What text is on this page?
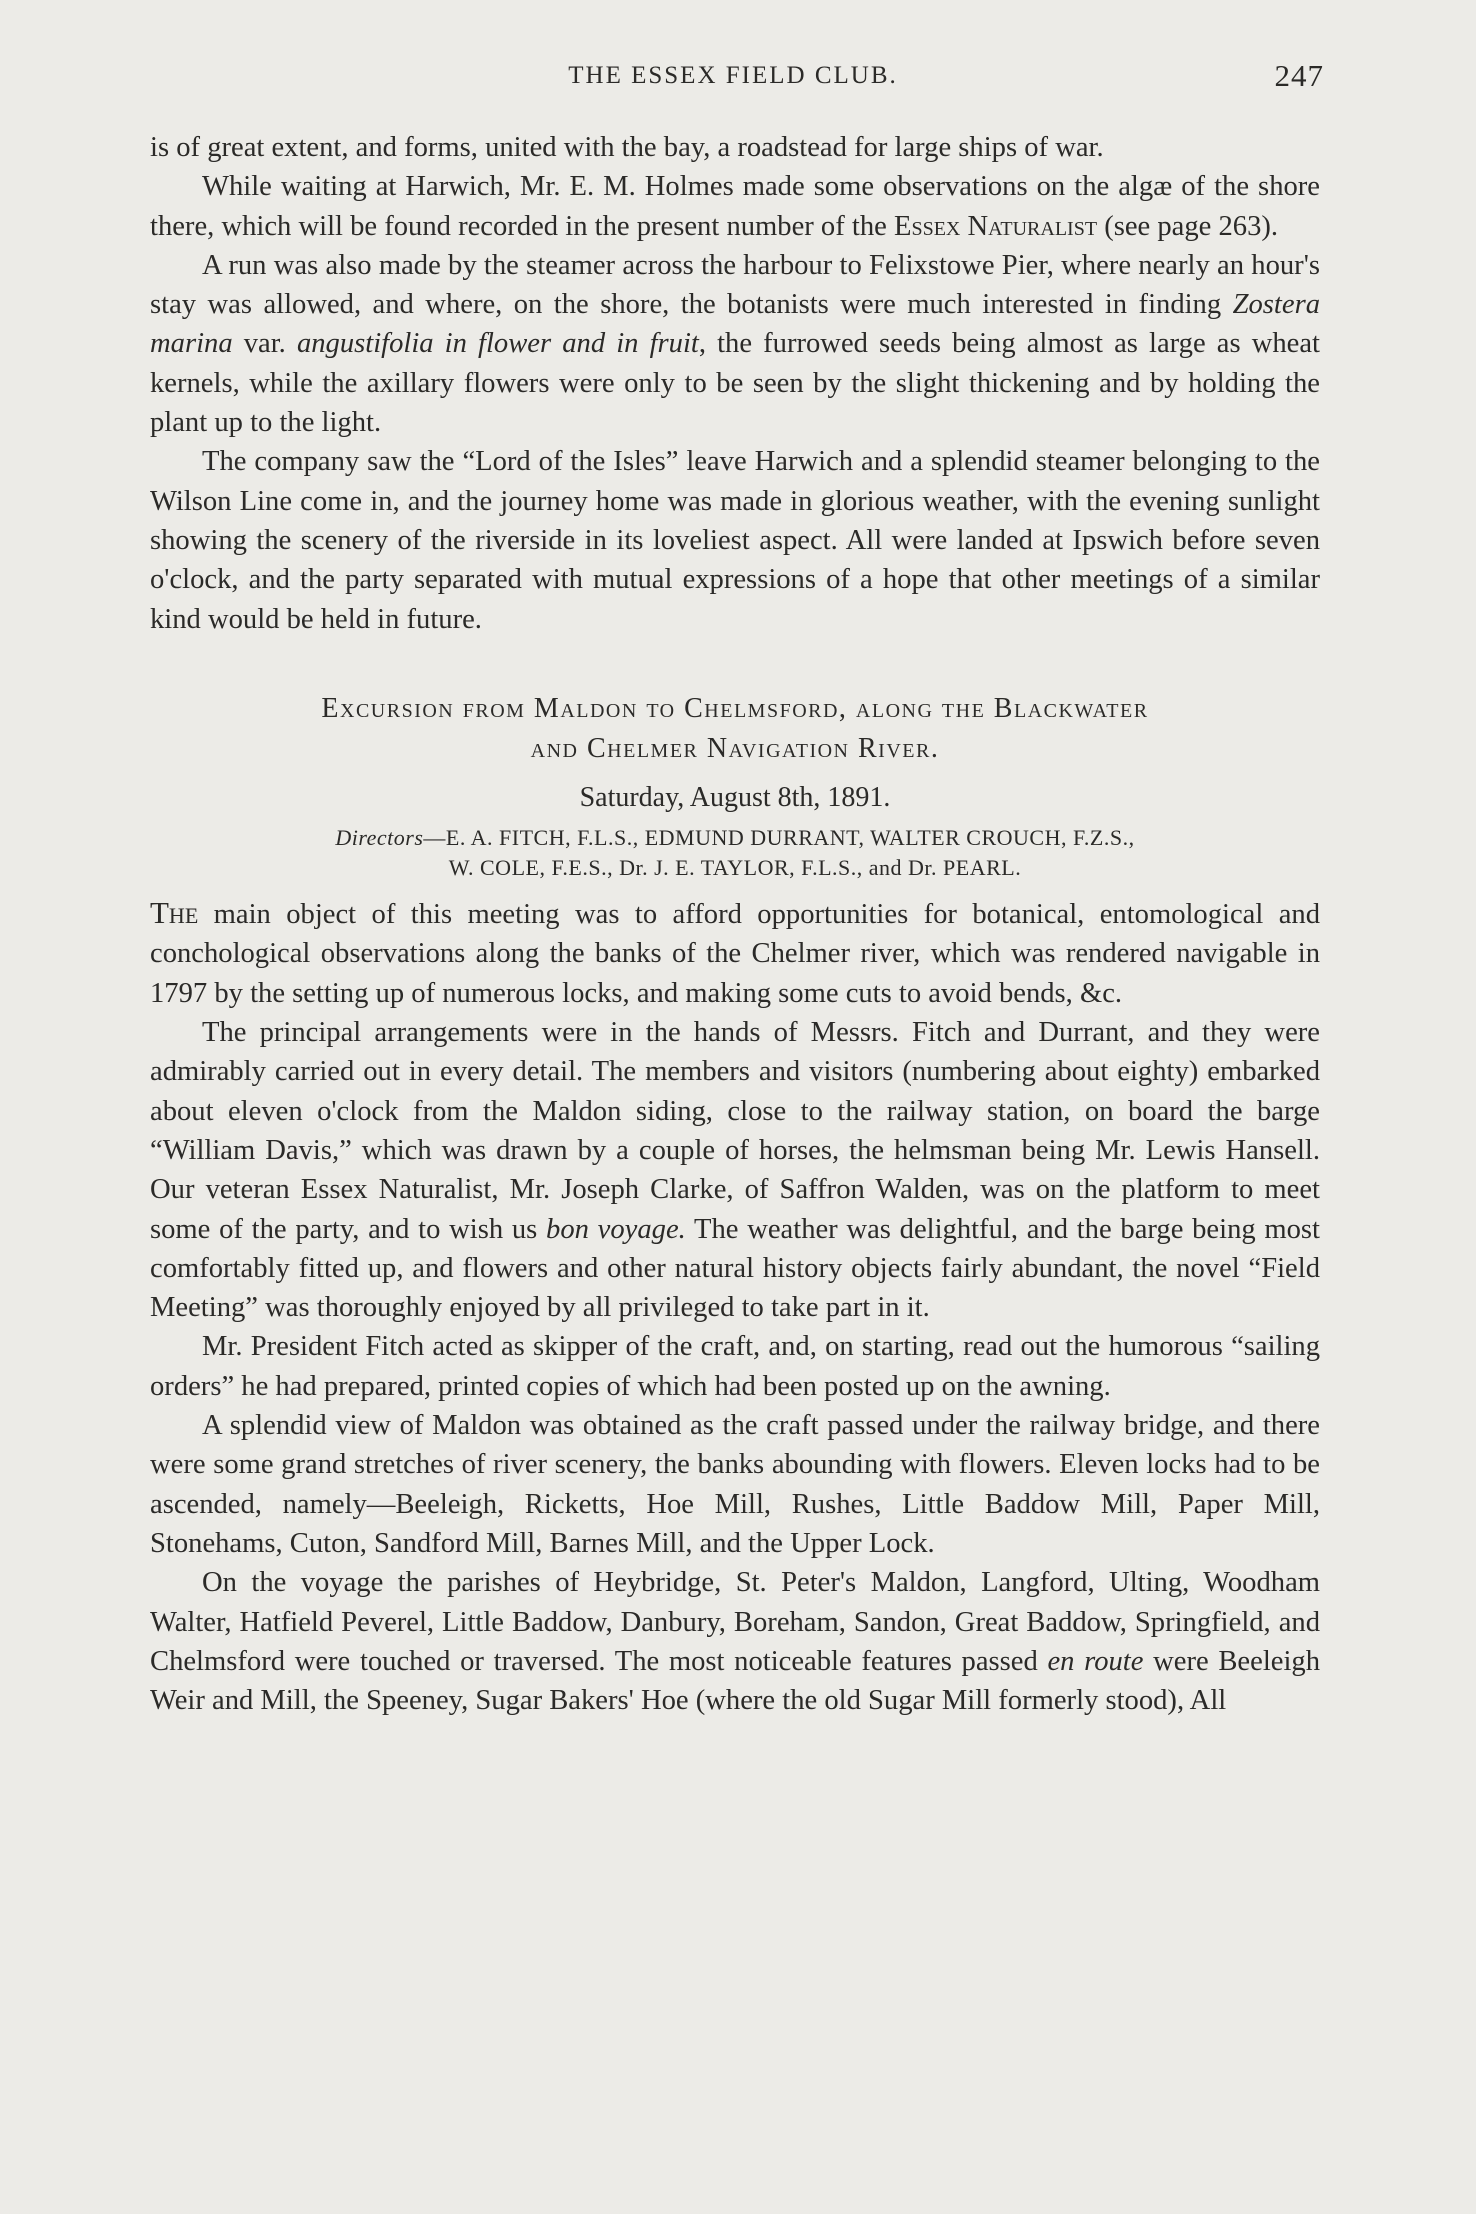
THE ESSEX FIELD CLUB.	247

is of great extent, and forms, united with the bay, a roadstead for large ships of war.

While waiting at Harwich, Mr. E. M. Holmes made some observations on the algæ of the shore there, which will be found recorded in the present number of the Essex Naturalist (see page 263).

A run was also made by the steamer across the harbour to Felixstowe Pier, where nearly an hour's stay was allowed, and where, on the shore, the botanists were much interested in finding Zostera marina var. angustifolia in flower and in fruit, the furrowed seeds being almost as large as wheat kernels, while the axillary flowers were only to be seen by the slight thickening and by holding the plant up to the light.

The company saw the “Lord of the Isles” leave Harwich and a splendid steamer belonging to the Wilson Line come in, and the journey home was made in glorious weather, with the evening sunlight showing the scenery of the riverside in its loveliest aspect. All were landed at Ipswich before seven o'clock, and the party separated with mutual expressions of a hope that other meetings of a similar kind would be held in future.

Excursion from Maldon to Chelmsford, along the Blackwater
and Chelmer Navigation River.
Saturday, August 8th, 1891.
Directors—E. A. FITCH, F.L.S., EDMUND DURRANT, WALTER CROUCH, F.Z.S.,
W. COLE, F.E.S., Dr. J. E. TAYLOR, F.L.S., and Dr. PEARL.

The main object of this meeting was to afford opportunities for botanical, entomological and conchological observations along the banks of the Chelmer river, which was rendered navigable in 1797 by the setting up of numerous locks, and making some cuts to avoid bends, &c.

The principal arrangements were in the hands of Messrs. Fitch and Durrant, and they were admirably carried out in every detail. The members and visitors (numbering about eighty) embarked about eleven o'clock from the Maldon siding, close to the railway station, on board the barge “William Davis,” which was drawn by a couple of horses, the helmsman being Mr. Lewis Hansell. Our veteran Essex Naturalist, Mr. Joseph Clarke, of Saffron Walden, was on the platform to meet some of the party, and to wish us bon voyage. The weather was delightful, and the barge being most comfortably fitted up, and flowers and other natural history objects fairly abundant, the novel “Field Meeting” was thoroughly enjoyed by all privileged to take part in it.

Mr. President Fitch acted as skipper of the craft, and, on starting, read out the humorous “sailing orders” he had prepared, printed copies of which had been posted up on the awning.

A splendid view of Maldon was obtained as the craft passed under the railway bridge, and there were some grand stretches of river scenery, the banks abounding with flowers. Eleven locks had to be ascended, namely—Beeleigh, Ricketts, Hoe Mill, Rushes, Little Baddow Mill, Paper Mill, Stonehams, Cuton, Sandford Mill, Barnes Mill, and the Upper Lock.

On the voyage the parishes of Heybridge, St. Peter's Maldon, Langford, Ulting, Woodham Walter, Hatfield Peverel, Little Baddow, Danbury, Boreham, Sandon, Great Baddow, Springfield, and Chelmsford were touched or traversed. The most noticeable features passed en route were Beeleigh Weir and Mill, the Speeney, Sugar Bakers' Hoe (where the old Sugar Mill formerly stood), All
